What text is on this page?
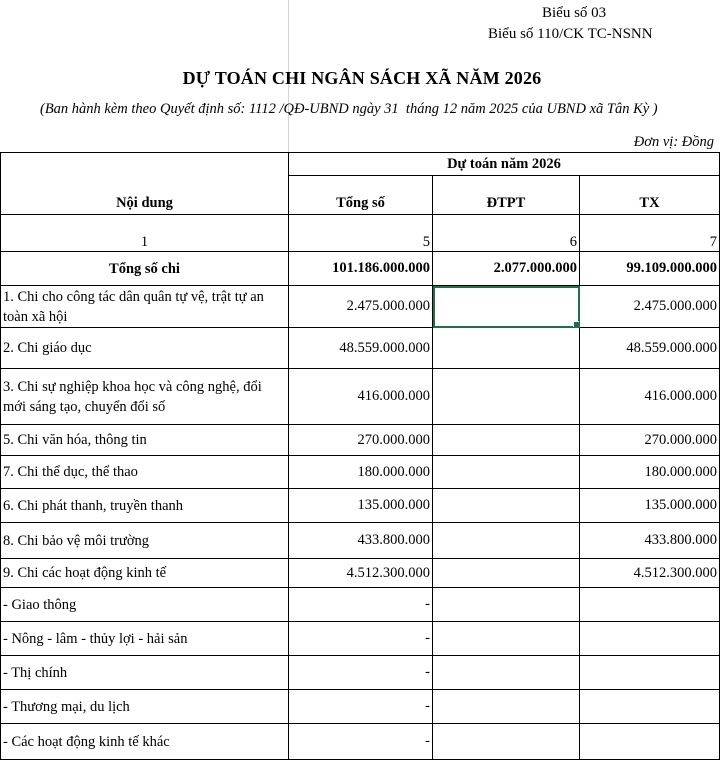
Biểu số 03
Biểu số 110/CK TC-NSNN
DỰ TOÁN CHI NGÂN SÁCH XÃ NĂM 2026
(Ban hành kèm theo Quyết định số: 1112 /QĐ-UBND ngày 31  tháng 12 năm 2025 của UBND xã Tân Kỳ )
Đơn vị: Đồng
Nội dung	Dự toán năm 2026		
	Tổng số	ĐTPT	TX
1	5	6	7
Tổng số chi	101.186.000.000	2.077.000.000	99.109.000.000
1. Chi cho công tác dân quân tự vệ, trật tự an toàn xã hội	2.475.000.000		2.475.000.000
2. Chi giáo dục	48.559.000.000		48.559.000.000
3. Chi sự nghiệp khoa học và công nghệ, đổi mới sáng tạo, chuyển đổi số	416.000.000		416.000.000
5. Chi văn hóa, thông tin	270.000.000		270.000.000
7. Chi thể dục, thể thao	180.000.000		180.000.000
6. Chi phát thanh, truyền thanh	135.000.000		135.000.000
8. Chi bảo vệ môi trường	433.800.000		433.800.000
9. Chi các hoạt động kinh tế	4.512.300.000		4.512.300.000
- Giao thông	-		
- Nông - lâm - thủy lợi - hải sản	-		
- Thị chính	-		
- Thương mại, du lịch	-		
- Các hoạt động kinh tế khác	-		
